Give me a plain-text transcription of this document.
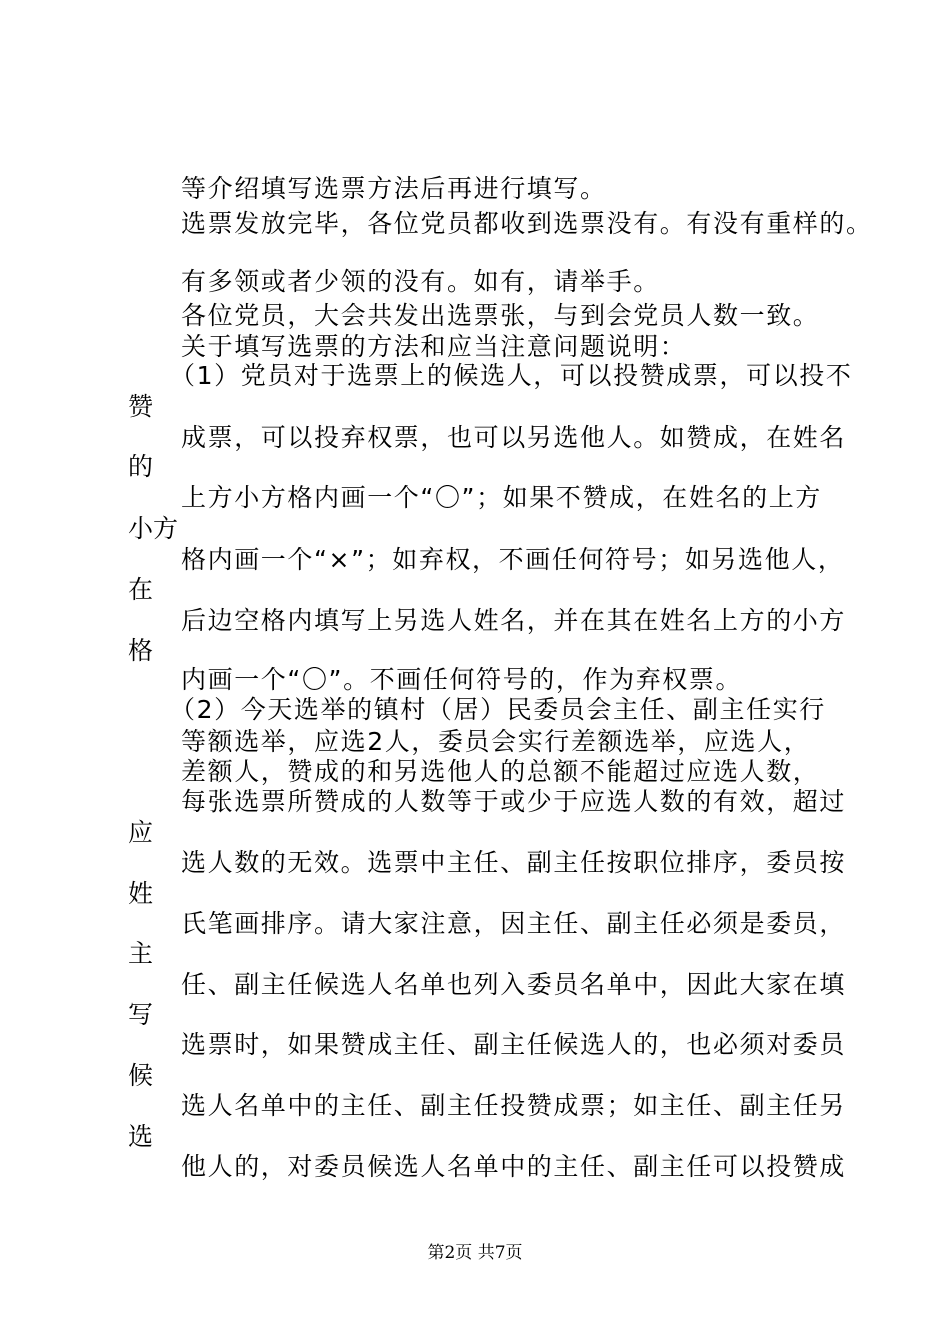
等介绍填写选票方法后再进行填写。
选票发放完毕，各位党员都收到选票没有。有没有重样的。
有多领或者少领的没有。如有，请举手。
各位党员，大会共发出选票张，与到会党员人数一致。
关于填写选票的方法和应当注意问题说明：
（1）党员对于选票上的候选人，可以投赞成票，可以投不
赞
成票，可以投弃权票，也可以另选他人。如赞成，在姓名
的
上方小方格内画一个“〇”；如果不赞成，在姓名的上方
小方
格内画一个“×”；如弃权，不画任何符号；如另选他人，
在
后边空格内填写上另选人姓名，并在其在姓名上方的小方
格
内画一个“〇”。不画任何符号的，作为弃权票。
（2）今天选举的镇村（居）民委员会主任、副主任实行
等额选举，应选2人，委员会实行差额选举，应选人，
差额人，赞成的和另选他人的总额不能超过应选人数，
每张选票所赞成的人数等于或少于应选人数的有效，超过
应
选人数的无效。选票中主任、副主任按职位排序，委员按
姓
氏笔画排序。请大家注意，因主任、副主任必须是委员，
主
任、副主任候选人名单也列入委员名单中，因此大家在填
写
选票时，如果赞成主任、副主任候选人的，也必须对委员
候
选人名单中的主任、副主任投赞成票；如主任、副主任另
选
他人的，对委员候选人名单中的主任、副主任可以投赞成
第2页 共7页
